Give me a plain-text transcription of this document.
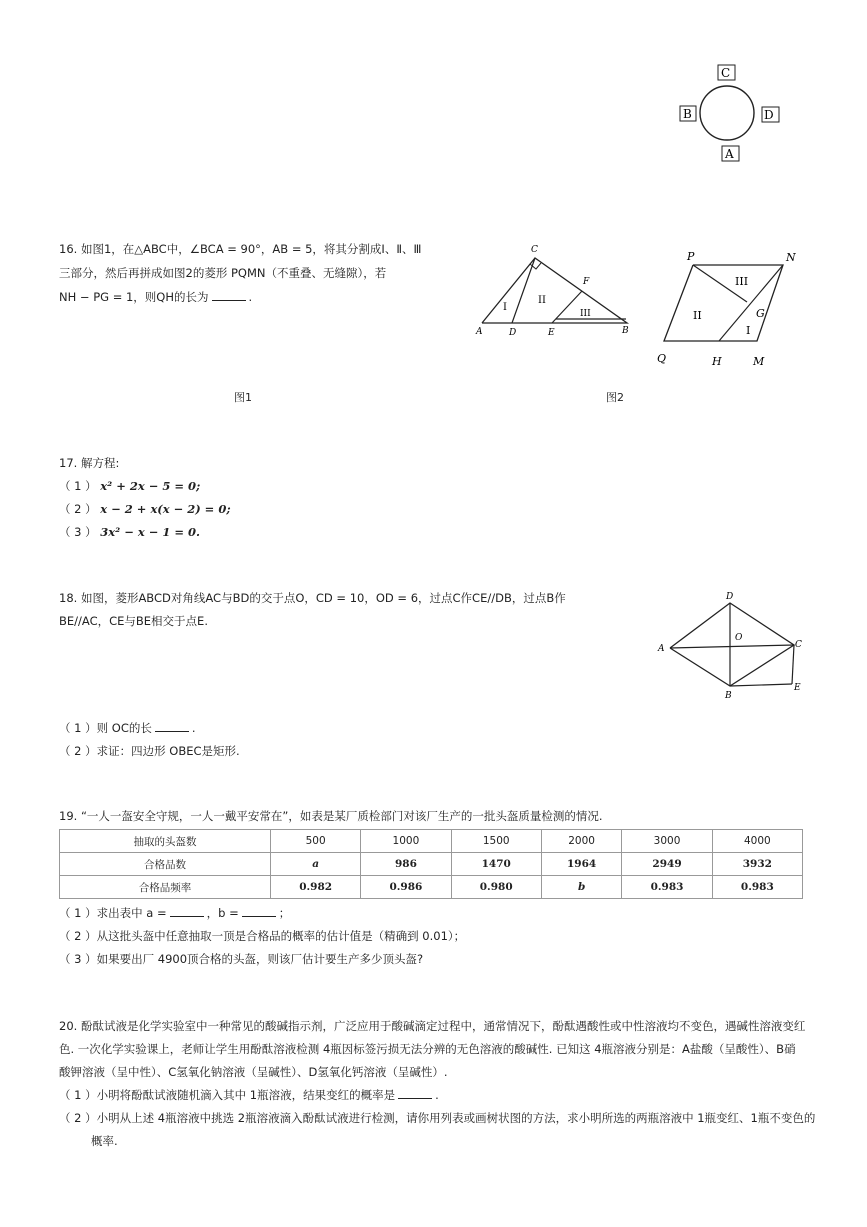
C
B	D
A
16. 如图1，在△ABC中，∠BCA = 90°，AB = 5，将其分割成Ⅰ、Ⅱ、Ⅲ
三部分，然后再拼成如图2的菱形 PQMN（不重叠、无缝隙），若
NH − PG = 1，则QH的长为	.
C
F
I
II
III
A	D	E	B
图1
P	N
III
G
II
I
Q	H	M
图2
17. 解方程:
（ 1 ） x² + 2x − 5 = 0;
（ 2 ） x − 2 + x(x − 2) = 0;
（ 3 ） 3x² − x − 1 = 0.
18. 如图，菱形ABCD对角线AC与BD的交于点O，CD = 10，OD = 6，过点C作CE//DB，过点B作
BE//AC，CE与BE相交于点E.
D
O
A	C
B
E
（ 1 ）则 OC的长	.
（ 2 ）求证：四边形 OBEC是矩形.
19. “一人一盔安全守规，一人一戴平安常在”，如表是某厂质检部门对该厂生产的一批头盔质量检测的情况.
抽取的头盔数	500	1000	1500	2000	3000	4000
合格品数	a	986	1470	1964	2949	3932
合格品频率	0.982	0.986	0.980	b	0.983	0.983
（ 1 ）求出表中 a =	，b =	；
（ 2 ）从这批头盔中任意抽取一顶是合格品的概率的估计值是（精确到 0.01）；
（ 3 ）如果要出厂 4900顶合格的头盔，则该厂估计要生产多少顶头盔?
20. 酚酞试液是化学实验室中一种常见的酸碱指示剂，广泛应用于酸碱滴定过程中，通常情况下，酚酞遇酸性或中性溶液均不变色，遇碱性溶液变红
色. 一次化学实验课上，老师让学生用酚酞溶液检测 4瓶因标签污损无法分辨的无色溶液的酸碱性. 已知这 4瓶溶液分别是：A盐酸（呈酸性）、B硝
酸钾溶液（呈中性）、C氢氧化钠溶液（呈碱性）、D氢氧化钙溶液（呈碱性）.
（ 1 ）小明将酚酞试液随机滴入其中 1瓶溶液，结果变红的概率是	.
（ 2 ）小明从上述 4瓶溶液中挑选 2瓶溶液滴入酚酞试液进行检测，请你用列表或画树状图的方法，求小明所选的两瓶溶液中 1瓶变红、1瓶不变色的
概率.
